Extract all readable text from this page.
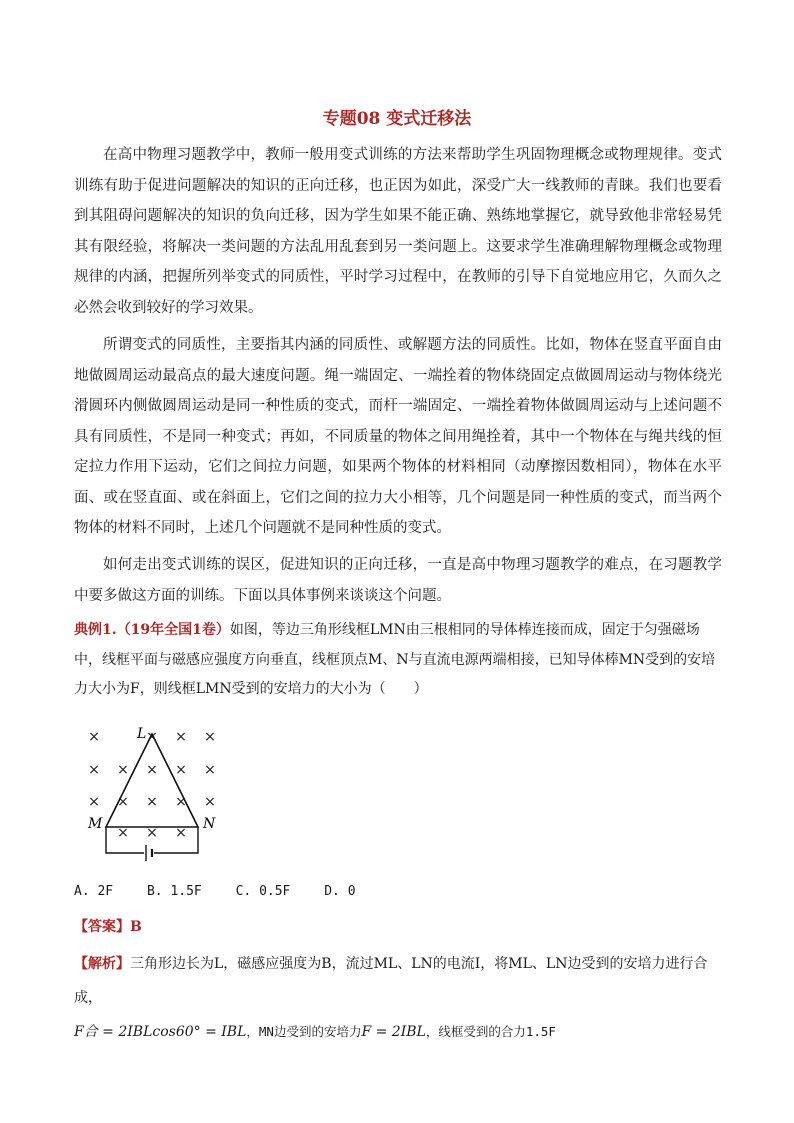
专题08 变式迁移法

在高中物理习题教学中，教师一般用变式训练的方法来帮助学生巩固物理概念或物理规律。变式训练有助于促进问题解决的知识的正向迁移，也正因为如此，深受广大一线教师的青睐。我们也要看到其阻碍问题解决的知识的负向迁移，因为学生如果不能正确、熟练地掌握它，就导致他非常轻易凭其有限经验，将解决一类问题的方法乱用乱套到另一类问题上。这要求学生准确理解物理概念或物理规律的内涵，把握所列举变式的同质性，平时学习过程中，在教师的引导下自觉地应用它，久而久之必然会收到较好的学习效果。

所谓变式的同质性，主要指其内涵的同质性、或解题方法的同质性。比如，物体在竖直平面自由地做圆周运动最高点的最大速度问题。绳一端固定、一端拴着的物体绕固定点做圆周运动与物体绕光滑圆环内侧做圆周运动是同一种性质的变式，而杆一端固定、一端拴着物体做圆周运动与上述问题不具有同质性，不是同一种变式；再如，不同质量的物体之间用绳拴着，其中一个物体在与绳共线的恒定拉力作用下运动，它们之间拉力问题，如果两个物体的材料相同（动摩擦因数相同），物体在水平面、或在竖直面、或在斜面上，它们之间的拉力大小相等，几个问题是同一种性质的变式，而当两个物体的材料不同时，上述几个问题就不是同种性质的变式。

如何走出变式训练的误区，促进知识的正向迁移，一直是高中物理习题教学的难点，在习题教学中要多做这方面的训练。下面以具体事例来谈谈这个问题。

典例1.（19年全国1卷）如图，等边三角形线框LMN由三根相同的导体棒连接而成，固定于匀强磁场中，线框平面与磁感应强度方向垂直，线框顶点M、N与直流电源两端相接，已知导体棒MN受到的安培力大小为F，则线框LMN受到的安培力的大小为（　　）

×	× × ×
× × × × ×
× × × × ×
× × ×
L
M	N
A. 2F	B. 1.5F	C. 0.5F	D. 0
【答案】B

【解析】三角形边长为L，磁感应强度为B，流过ML、LN的电流I，将ML、LN边受到的安培力进行合成，
F合 = 2IBLcos60° = IBL，MN边受到的安培力F = 2IBL，线框受到的合力1.5F
